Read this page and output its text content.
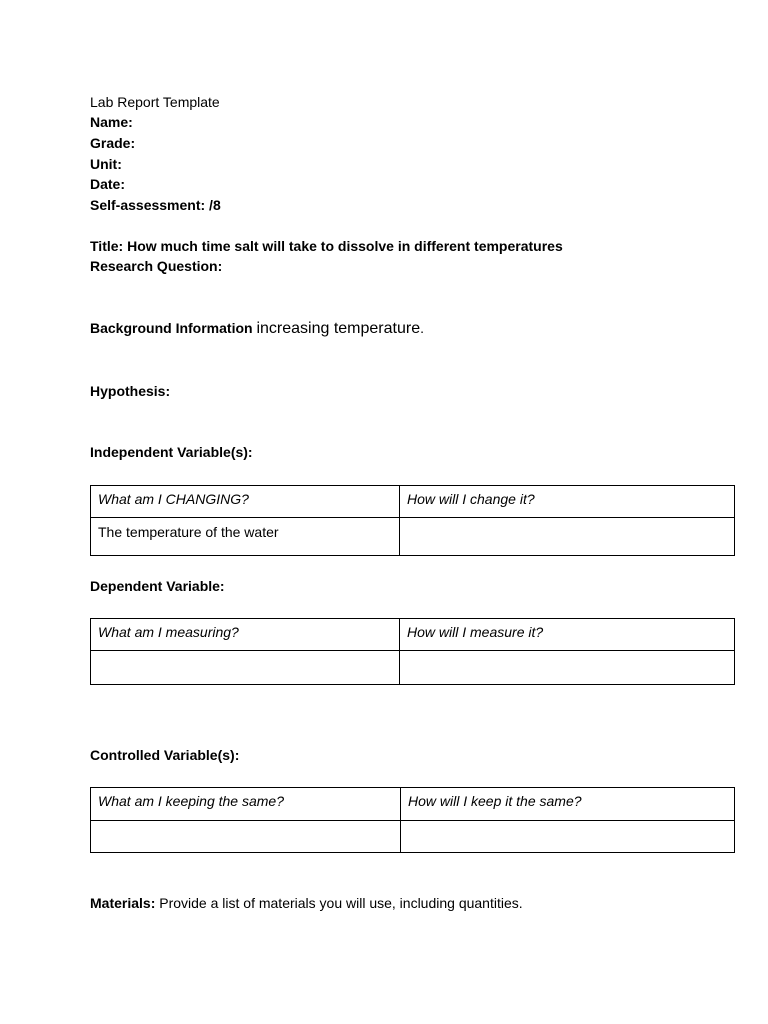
Lab Report Template
Name:
Grade:
Unit:
Date:
Self-assessment: /8
Title: How much time salt will take to dissolve in different temperatures
Research Question:
Background Information increasing temperature.
Hypothesis:
Independent Variable(s):
What am I CHANGING?	How will I change it?
The temperature of the water	
Dependent Variable:
What am I measuring?	How will I measure it?

Controlled Variable(s):
What am I keeping the same?	How will I keep it the same?

Materials: Provide a list of materials you will use, including quantities.
